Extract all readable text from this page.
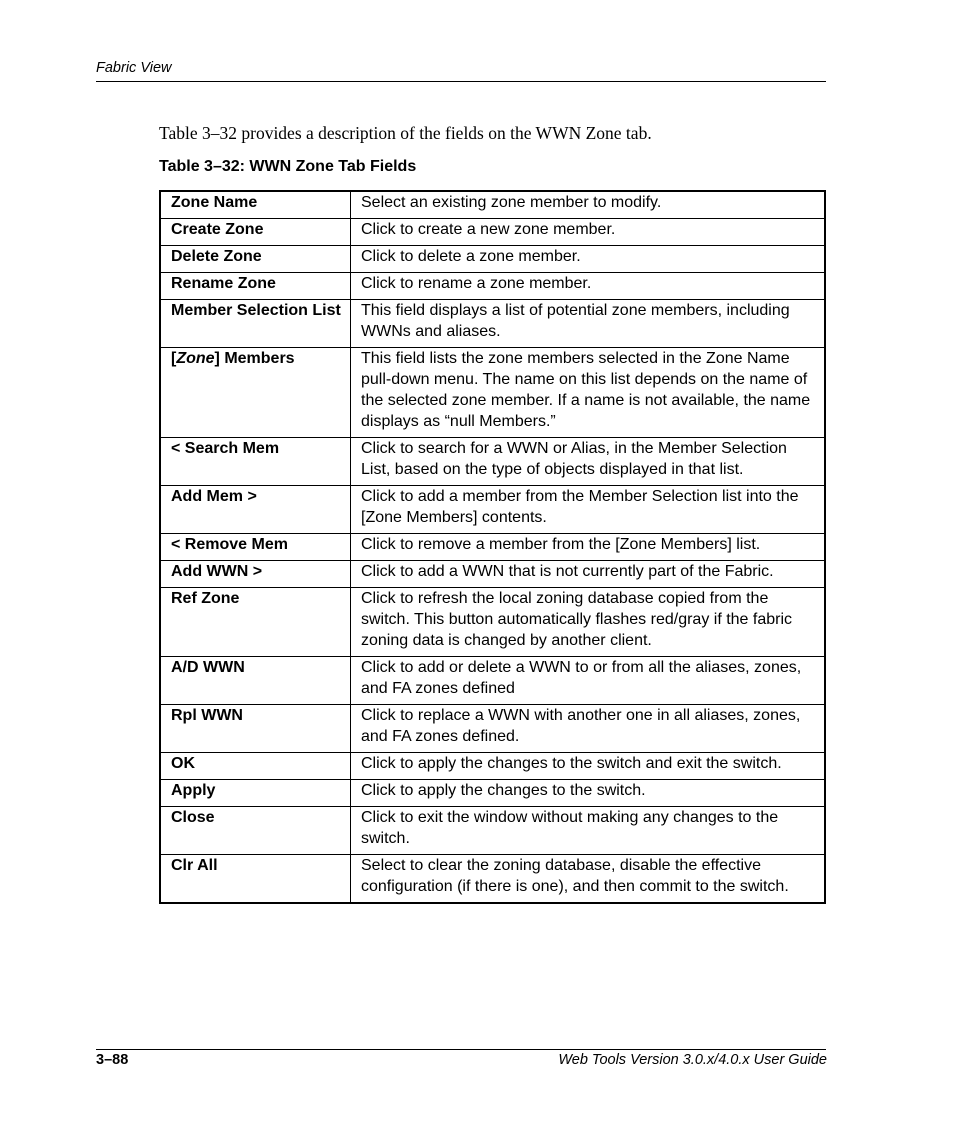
Fabric View
Table 3–32 provides a description of the fields on the WWN Zone tab.
Table 3–32: WWN Zone Tab Fields
Zone Name	Select an existing zone member to modify.
Create Zone	Click to create a new zone member.
Delete Zone	Click to delete a zone member.
Rename Zone	Click to rename a zone member.
Member Selection List	This field displays a list of potential zone members, including WWNs and aliases.
[Zone] Members	This field lists the zone members selected in the Zone Name pull-down menu. The name on this list depends on the name of the selected zone member. If a name is not available, the name displays as “null Members.”
< Search Mem	Click to search for a WWN or Alias, in the Member Selection List, based on the type of objects displayed in that list.
Add Mem >	Click to add a member from the Member Selection list into the [Zone Members] contents.
< Remove Mem	Click to remove a member from the [Zone Members] list.
Add WWN >	Click to add a WWN that is not currently part of the Fabric.
Ref Zone	Click to refresh the local zoning database copied from the switch. This button automatically flashes red/gray if the fabric zoning data is changed by another client.
A/D WWN	Click to add or delete a WWN to or from all the aliases, zones, and FA zones defined
Rpl WWN	Click to replace a WWN with another one in all aliases, zones, and FA zones defined.
OK	Click to apply the changes to the switch and exit the switch.
Apply	Click to apply the changes to the switch.
Close	Click to exit the window without making any changes to the switch.
Clr All	Select to clear the zoning database, disable the effective configuration (if there is one), and then commit to the switch.
3–88	Web Tools Version 3.0.x/4.0.x User Guide
